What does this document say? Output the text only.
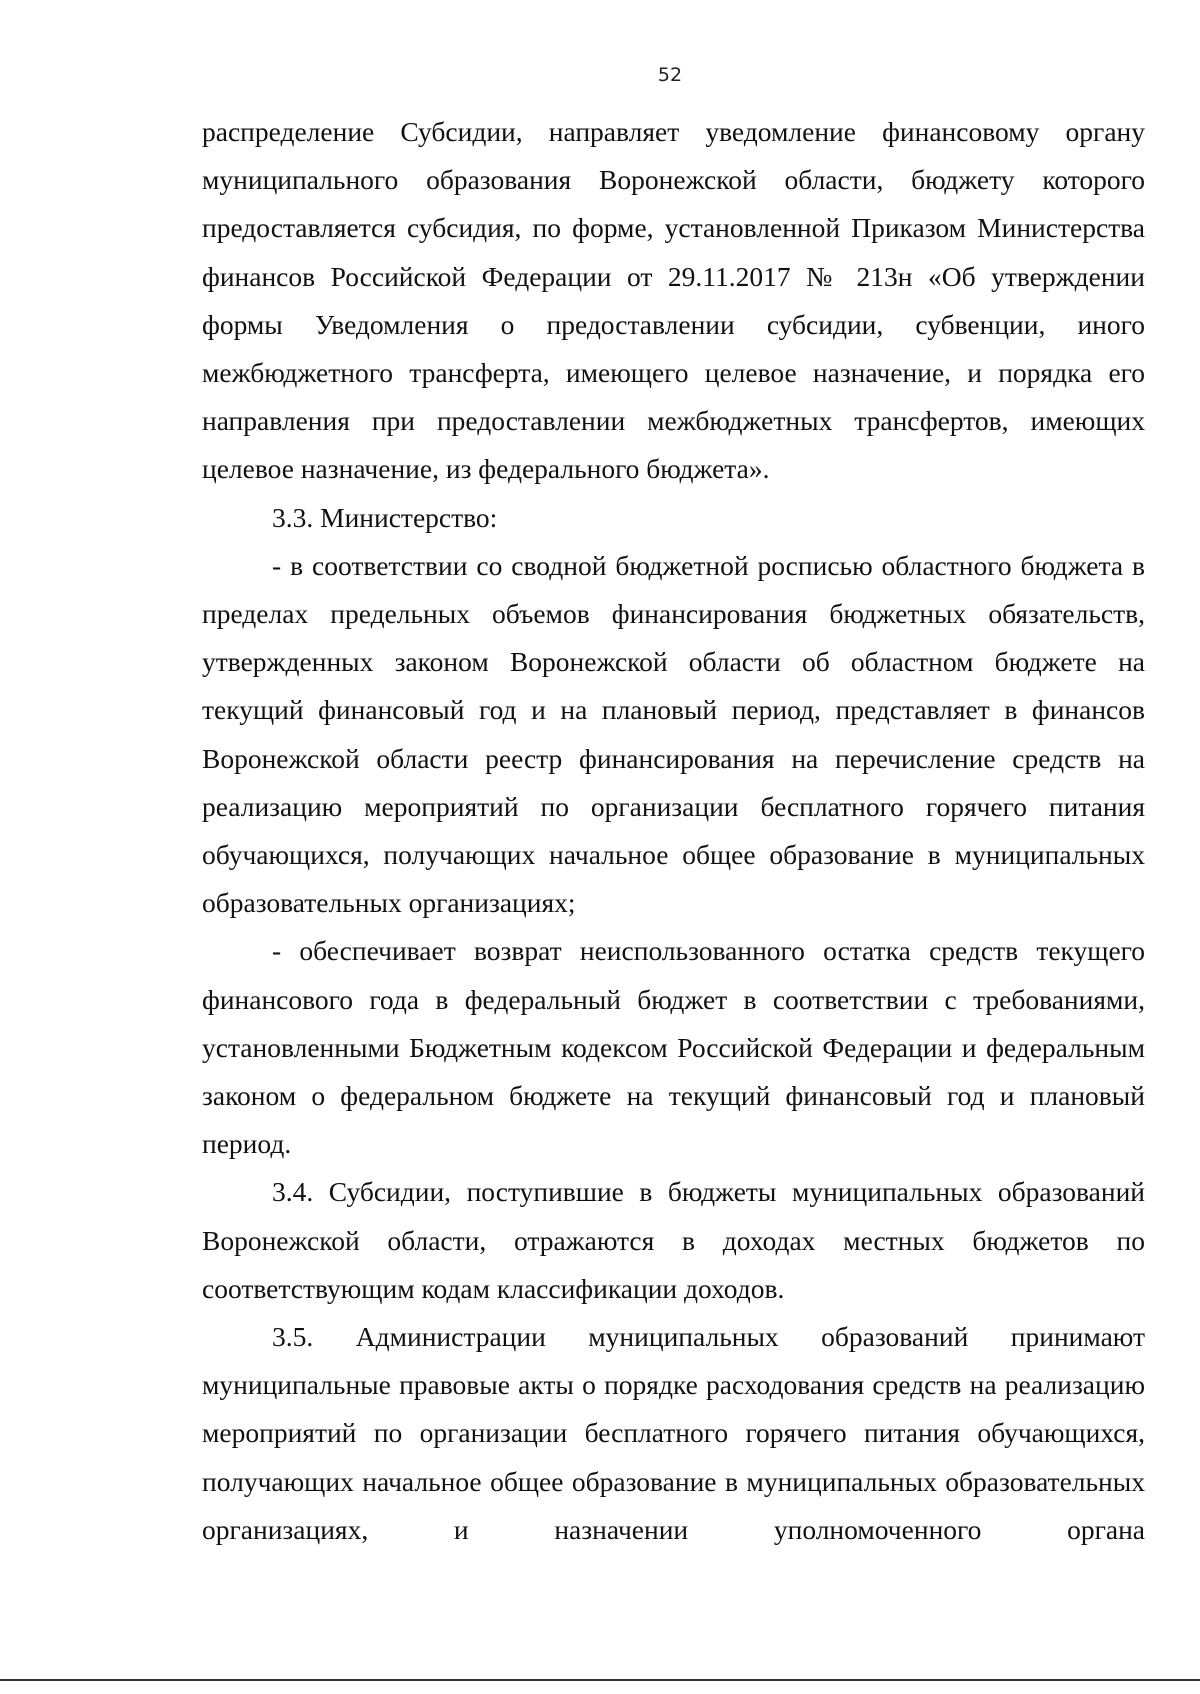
52

распределение Субсидии, направляет уведомление финансовому органу муниципального образования Воронежской области, бюджету которого предоставляется субсидия, по форме, установленной Приказом Министерства финансов Российской Федерации от 29.11.2017 № 213н «Об утверждении формы Уведомления о предоставлении субсидии, субвенции, иного межбюджетного трансферта, имеющего целевое назначение, и порядка его направления при предоставлении межбюджетных трансфертов, имеющих целевое назначение, из федерального бюджета».

3.3. Министерство:

- в соответствии со сводной бюджетной росписью областного бюджета в пределах предельных объемов финансирования бюджетных обязательств, утвержденных законом Воронежской области об областном бюджете на текущий финансовый год и на плановый период, представляет в финансов Воронежской области реестр финансирования на перечисление средств на реализацию мероприятий по организации бесплатного горячего питания обучающихся, получающих начальное общее образование в муниципальных образовательных организациях;

- обеспечивает возврат неиспользованного остатка средств текущего финансового года в федеральный бюджет в соответствии с требованиями, установленными Бюджетным кодексом Российской Федерации и федеральным законом о федеральном бюджете на текущий финансовый год и плановый период.

3.4. Субсидии, поступившие в бюджеты муниципальных образований Воронежской области, отражаются в доходах местных бюджетов по соответствующим кодам классификации доходов.

3.5. Администрации муниципальных образований принимают муниципальные правовые акты о порядке расходования средств на реализацию мероприятий по организации бесплатного горячего питания обучающихся, получающих начальное общее образование в муниципальных образовательных организациях, и назначении уполномоченного органа
